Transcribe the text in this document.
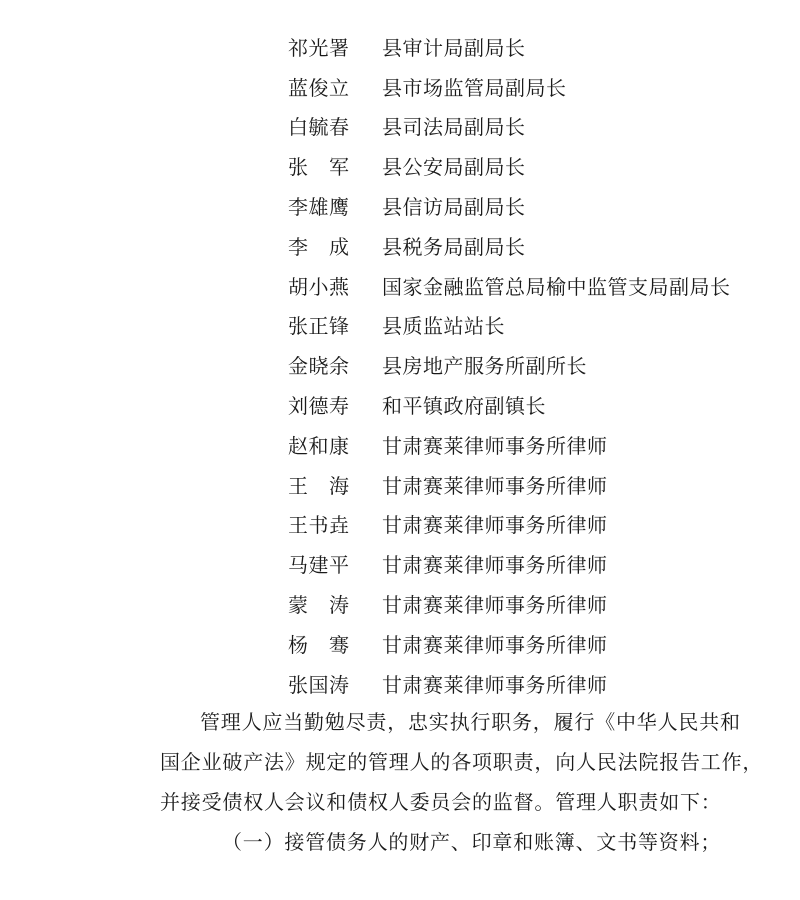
祁光署	县审计局副局长
蓝俊立	县市场监管局副局长
白毓春	县司法局副局长
张　军	县公安局副局长
李雄鹰	县信访局副局长
李　成	县税务局副局长
胡小燕	国家金融监管总局榆中监管支局副局长
张正锋	县质监站站长
金晓余	县房地产服务所副所长
刘德寿	和平镇政府副镇长
赵和康	甘肃赛莱律师事务所律师
王　海	甘肃赛莱律师事务所律师
王书垚	甘肃赛莱律师事务所律师
马建平	甘肃赛莱律师事务所律师
蒙　涛	甘肃赛莱律师事务所律师
杨　骞	甘肃赛莱律师事务所律师
张国涛	甘肃赛莱律师事务所律师
管理人应当勤勉尽责，忠实执行职务，履行《中华人民共和
国企业破产法》规定的管理人的各项职责，向人民法院报告工作，
并接受债权人会议和债权人委员会的监督。管理人职责如下：
（一）接管债务人的财产、印章和账簿、文书等资料；
